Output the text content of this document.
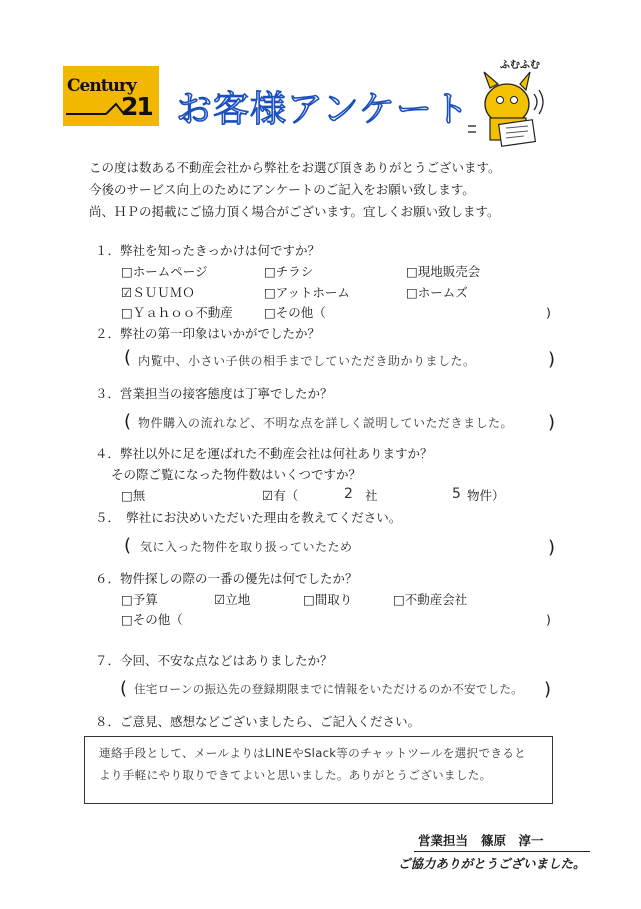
Century
21 お客様アンケート
ふむふむ
この度は数ある不動産会社から弊社をお選び頂きありがとうございます。
今後のサービス向上のためにアンケートのご記入をお願い致します。
尚、ＨＰの掲載にご協力頂く場合がございます。宜しくお願い致します。
１．弊社を知ったきっかけは何ですか？
□ホームページ	□チラシ	□現地販売会
☑ＳＵＵＭＯ	□アットホーム	□ホームズ
□Ｙａｈｏｏ不動産 □その他（	)
２．弊社の第一印象はいかがでしたか？
( 内覧中、小さい子供の相手までしていただき助かりました。	)
３．営業担当の接客態度は丁寧でしたか？
( 物件購入の流れなど、不明な点を詳しく説明していただきました。 )
４．弊社以外に足を運ばれた不動産会社は何社ありますか？
その際ご覧になった物件数はいくつですか？
□無	☑有（	2 社	5 物件）
５．　弊社にお決めいただいた理由を教えてください。
( 気に入った物件を取り扱っていたため	)
６．物件探しの際の一番の優先は何でしたか？
□予算	☑立地	□間取り	□不動産会社
□その他（	)
７．今回、不安な点などはありましたか？
( 住宅ローンの振込先の登録期限までに情報をいただけるのか不安でした。 )
８．ご意見、感想などございましたら、ご記入ください。
連絡手段として、メールよりはLINEやSlack等のチャットツールを選択できると
より手軽にやり取りできてよいと思いました。ありがとうございました。
営業担当 篠原　淳一
ご協力ありがとうございました。
